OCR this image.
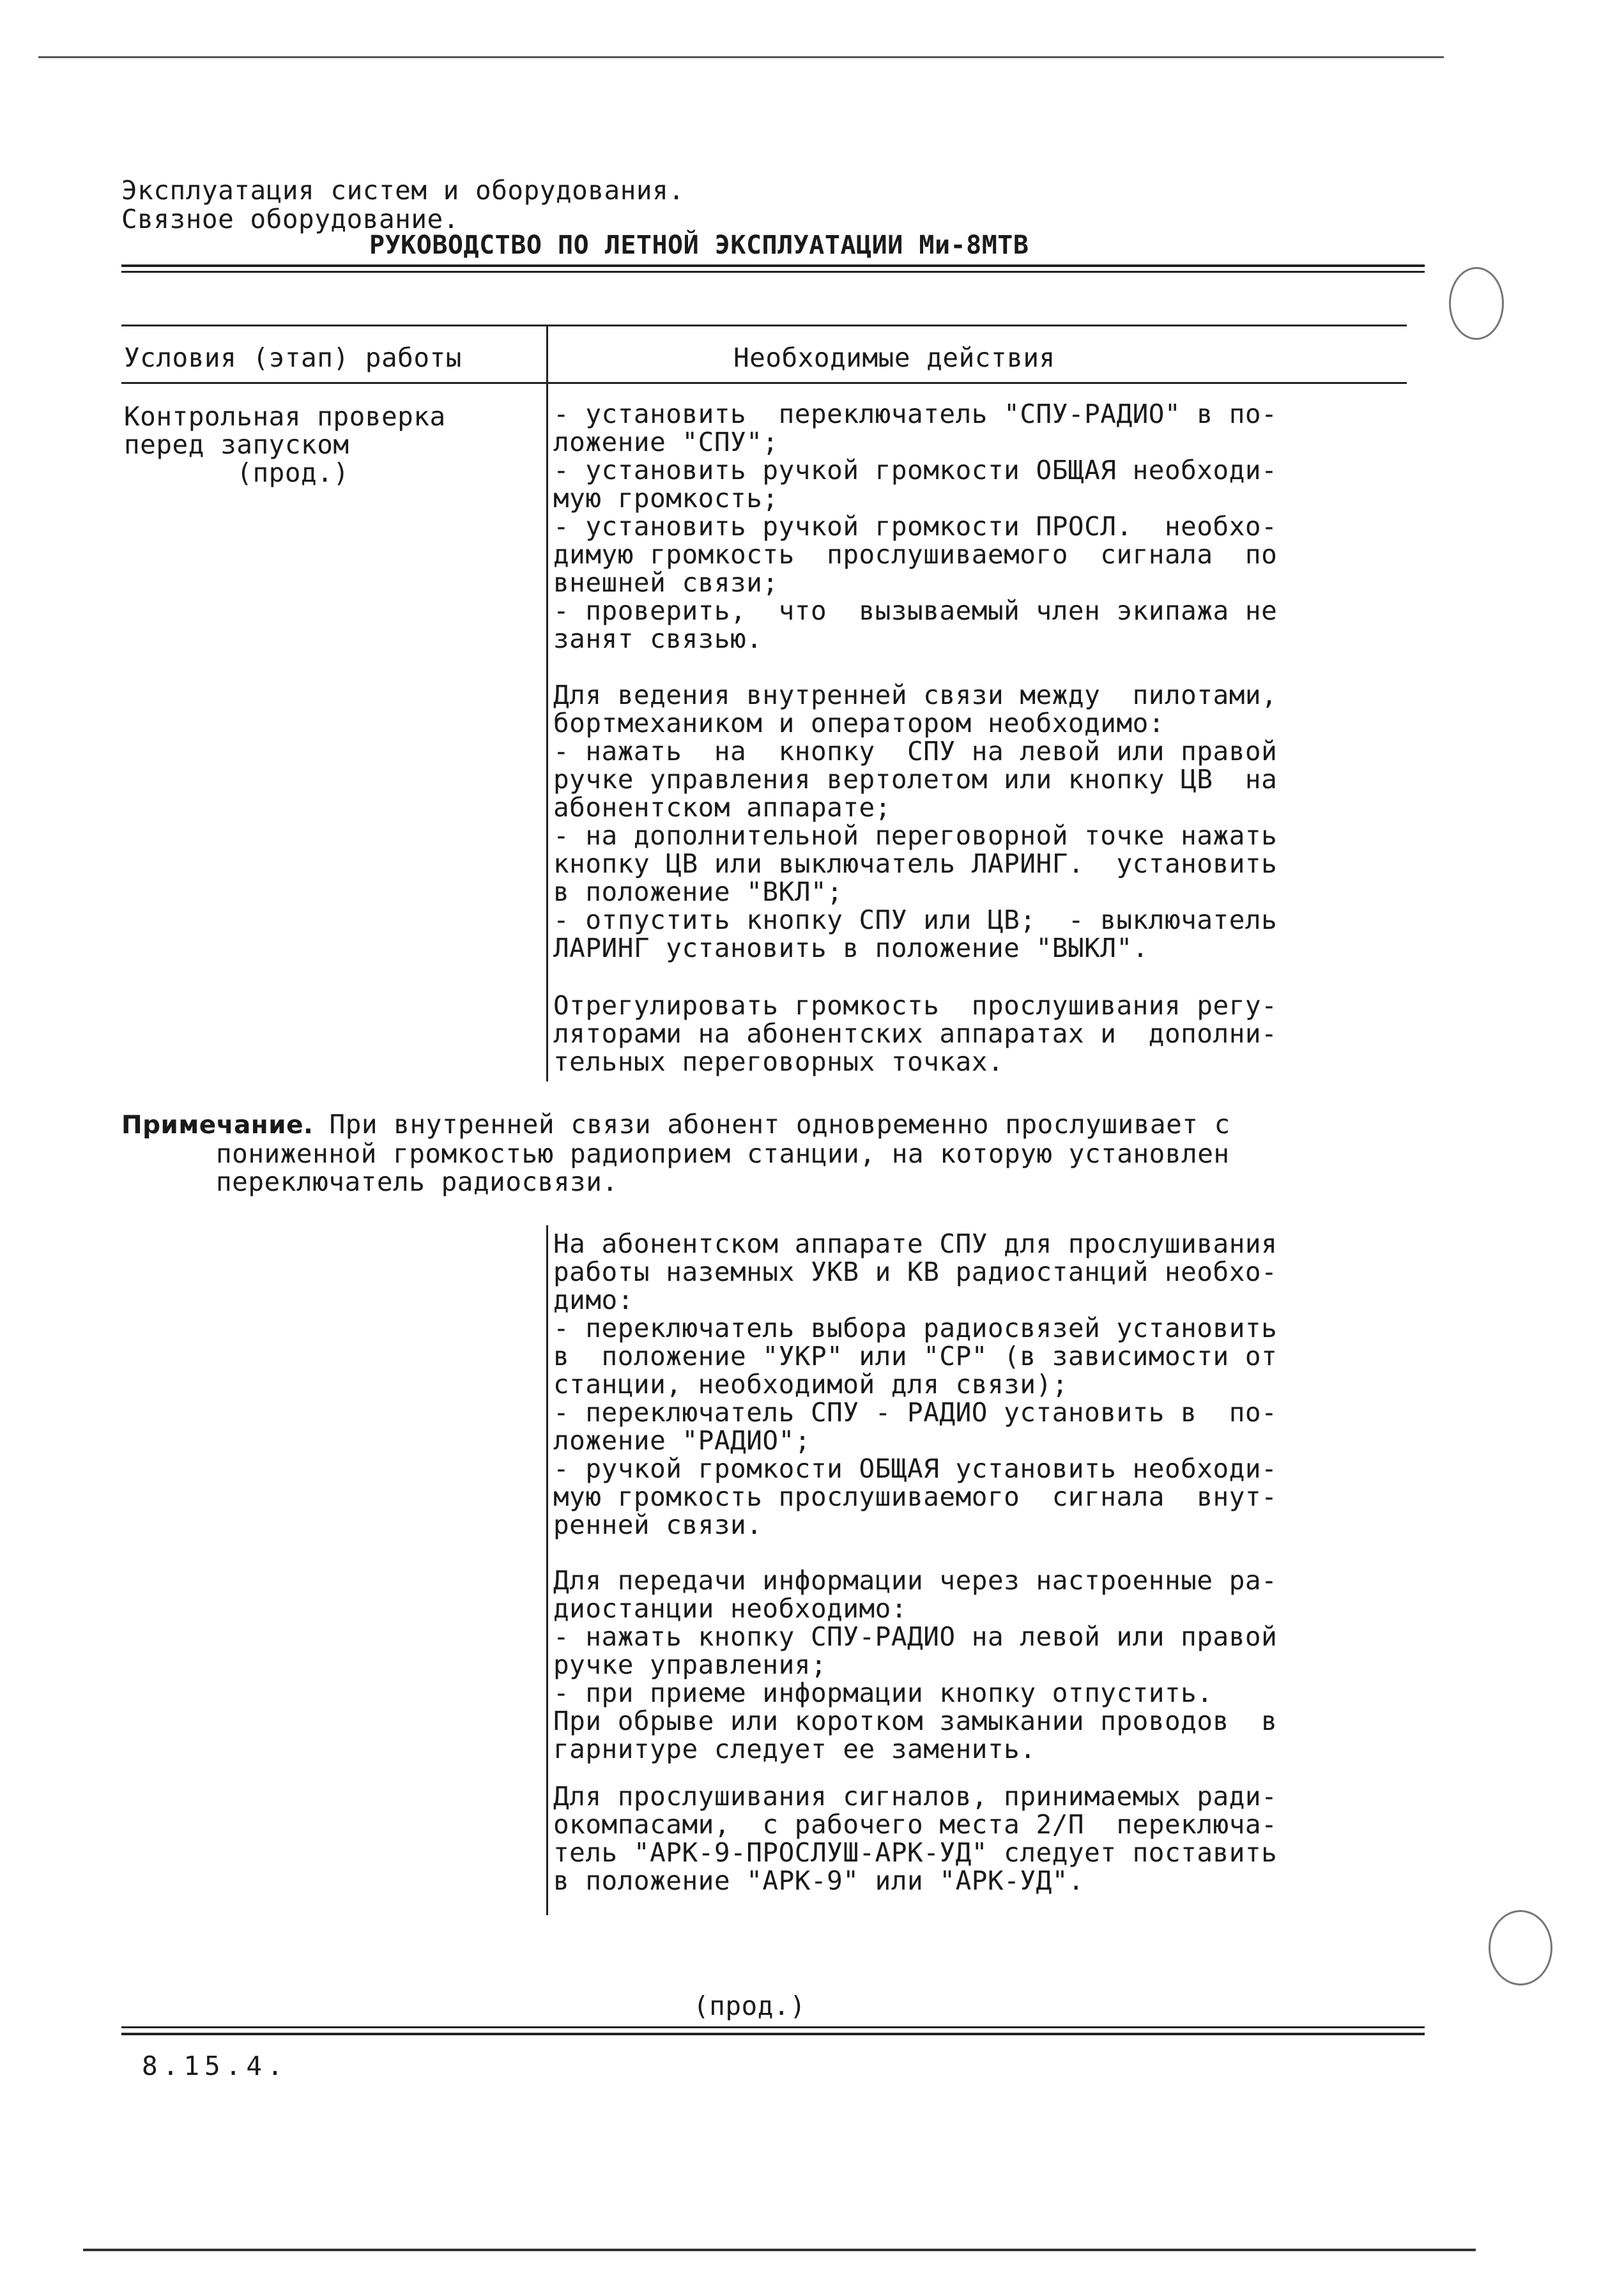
Эксплуатация систем и оборудования.
Связное оборудование.
РУКОВОДСТВО ПО ЛЕТНОЙ ЭКСПЛУАТАЦИИ Ми-8МТВ
Условия (этап) работы	Необходимые действия
Контрольная проверка
перед запуском
(прод.)
- установить  переключатель "СПУ-РАДИО" в по-
ложение "СПУ";
- установить ручкой громкости ОБЩАЯ необходи-
мую громкость;
- установить ручкой громкости ПРОСЛ.  необхо-
димую громкость  прослушиваемого  сигнала  по
внешней связи;
- проверить,  что  вызываемый член экипажа не
занят связью.
Для ведения внутренней связи между  пилотами,
бортмехаником и оператором необходимо:
- нажать  на  кнопку  СПУ на левой или правой
ручке управления вертолетом или кнопку ЦВ  на
абонентском аппарате;
- на дополнительной переговорной точке нажать
кнопку ЦВ или выключатель ЛАРИНГ.  установить
в положение "ВКЛ";
- отпустить кнопку СПУ или ЦВ;  - выключатель
ЛАРИНГ установить в положение "ВЫКЛ".
Отрегулировать громкость  прослушивания регу-
ляторами на абонентских аппаратах и  дополни-
тельных переговорных точках.
Примечание. При внутренней связи абонент одновременно прослушивает с
пониженной громкостью радиоприем станции, на которую установлен
переключатель радиосвязи.
На абонентском аппарате СПУ для прослушивания
работы наземных УКВ и КВ радиостанций необхо-
димо:
- переключатель выбора радиосвязей установить
в  положение "УКР" или "СР" (в зависимости от
станции, необходимой для связи);
- переключатель СПУ - РАДИО установить в  по-
ложение "РАДИО";
- ручкой громкости ОБЩАЯ установить необходи-
мую громкость прослушиваемого  сигнала  внут-
ренней связи.
Для передачи информации через настроенные ра-
диостанции необходимо:
- нажать кнопку СПУ-РАДИО на левой или правой
ручке управления;
- при приеме информации кнопку отпустить.
При обрыве или коротком замыкании проводов  в
гарнитуре следует ее заменить.
Для прослушивания сигналов, принимаемых ради-
окомпасами,  с рабочего места 2/П  переключа-
тель "АРК-9-ПРОСЛУШ-АРК-УД" следует поставить
в положение "АРК-9" или "АРК-УД".
(прод.)
8.15.4.
